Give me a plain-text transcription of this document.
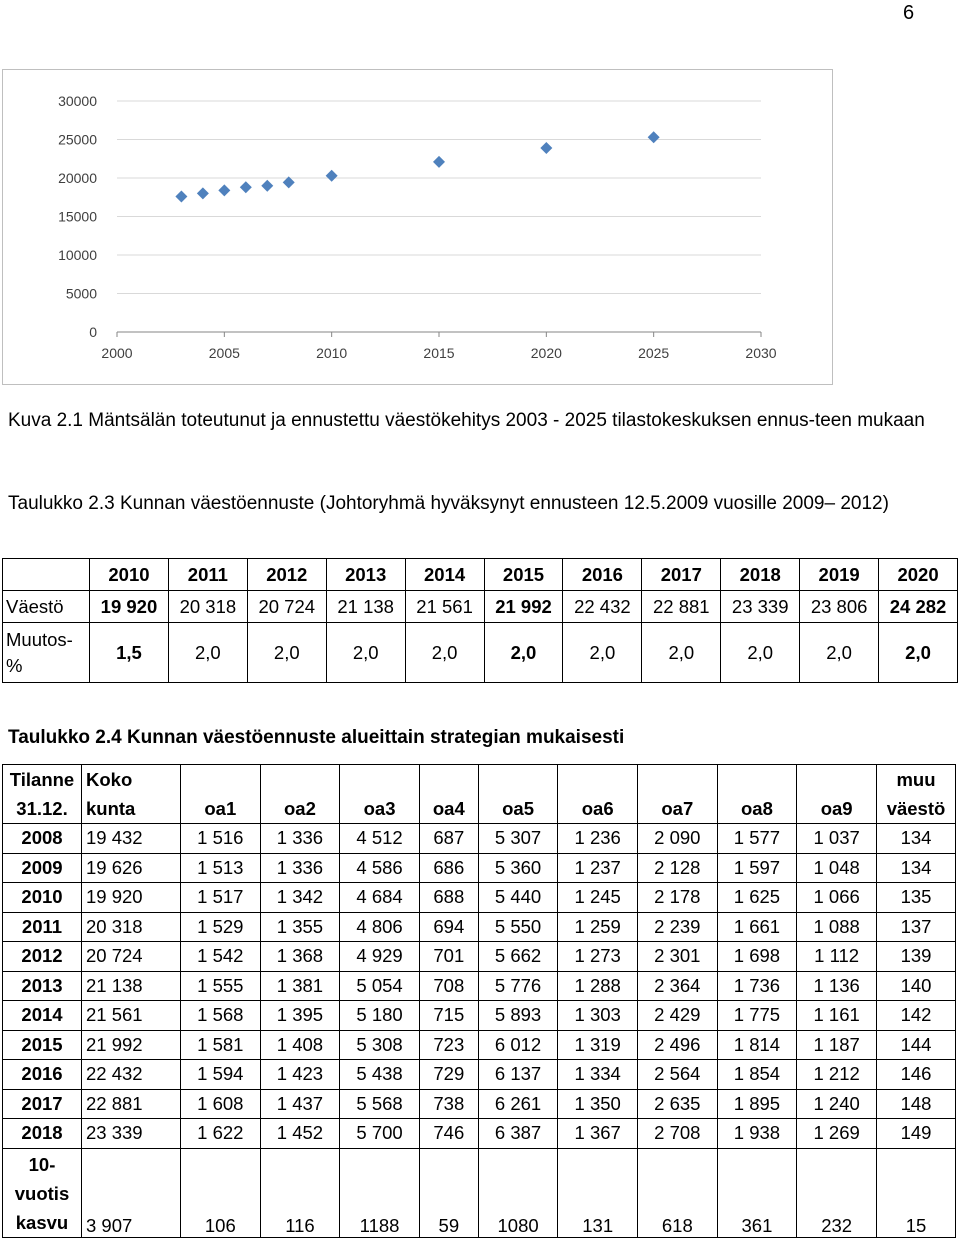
6
0
5000
10000
15000
20000
25000
30000
2000	2005	2010	2015	2020	2025	2030
Kuva 2.1 Mäntsälän toteutunut ja ennustettu väestökehitys 2003 - 2025 tilastokeskuksen ennus-teen mukaan
Taulukko 2.3 Kunnan väestöennuste (Johtoryhmä hyväksynyt ennusteen 12.5.2009 vuosille 2009– 2012)
	2010	2011	2012	2013	2014	2015	2016	2017	2018	2019	2020
Väestö	19 920	20 318	20 724	21 138	21 561	21 992	22 432	22 881	23 339	23 806	24 282
Muutos-%	1,5	2,0	2,0	2,0	2,0	2,0	2,0	2,0	2,0	2,0	2,0
Taulukko 2.4 Kunnan väestöennuste alueittain strategian mukaisesti
Tilanne 31.12.	Koko kunta	oa1	oa2	oa3	oa4	oa5	oa6	oa7	oa8	oa9	muu väestö
2008	19 432	1 516	1 336	4 512	687	5 307	1 236	2 090	1 577	1 037	134
2009	19 626	1 513	1 336	4 586	686	5 360	1 237	2 128	1 597	1 048	134
2010	19 920	1 517	1 342	4 684	688	5 440	1 245	2 178	1 625	1 066	135
2011	20 318	1 529	1 355	4 806	694	5 550	1 259	2 239	1 661	1 088	137
2012	20 724	1 542	1 368	4 929	701	5 662	1 273	2 301	1 698	1 112	139
2013	21 138	1 555	1 381	5 054	708	5 776	1 288	2 364	1 736	1 136	140
2014	21 561	1 568	1 395	5 180	715	5 893	1 303	2 429	1 775	1 161	142
2015	21 992	1 581	1 408	5 308	723	6 012	1 319	2 496	1 814	1 187	144
2016	22 432	1 594	1 423	5 438	729	6 137	1 334	2 564	1 854	1 212	146
2017	22 881	1 608	1 437	5 568	738	6 261	1 350	2 635	1 895	1 240	148
2018	23 339	1 622	1 452	5 700	746	6 387	1 367	2 708	1 938	1 269	149
10-vuotis kasvu	3 907	106	116	1188	59	1080	131	618	361	232	15
